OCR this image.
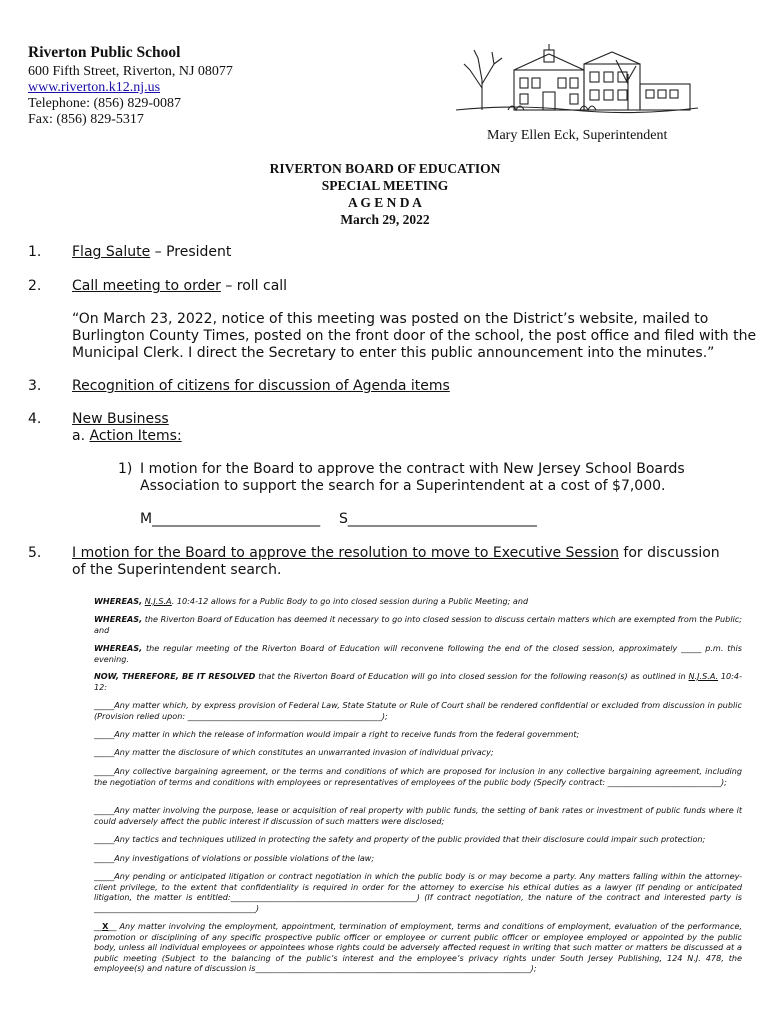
Riverton Public School
600 Fifth Street, Riverton, NJ 08077
www.riverton.k12.nj.us
Telephone: (856) 829-0087
Fax: (856) 829-5317
Mary Ellen Eck, Superintendent
RIVERTON BOARD OF EDUCATION
SPECIAL MEETING
A G E N D A
March 29, 2022
1. Flag Salute – President
2. Call meeting to order – roll call
“On March 23, 2022, notice of this meeting was posted on the District’s website, mailed to
Burlington County Times, posted on the front door of the school, the post office and filed with the
Municipal Clerk. I direct the Secretary to enter this public announcement into the minutes.”
3. Recognition of citizens for discussion of Agenda items
4. New Business
a. Action Items:
1) I motion for the Board to approve the contract with New Jersey School Boards
Association to support the search for a Superintendent at a cost of $7,000.
M________________________ S___________________________
5. I motion for the Board to approve the resolution to move to Executive Session for discussion
of the Superintendent search.
WHEREAS, N.J.S.A. 10:4-12 allows for a Public Body to go into closed session during a Public Meeting; and
WHEREAS, the Riverton Board of Education has deemed it necessary to go into closed session to discuss certain matters which are exempted from the Public; and
WHEREAS, the regular meeting of the Riverton Board of Education will reconvene following the end of the closed session, approximately _____ p.m. this evening.
NOW, THEREFORE, BE IT RESOLVED that the Riverton Board of Education will go into closed session for the following reason(s) as outlined in N.J.S.A. 10:4-12:
_____Any matter which, by express provision of Federal Law, State Statute or Rule of Court shall be rendered confidential or excluded from discussion in public (Provision relied upon: ________________________________________________);
_____Any matter in which the release of information would impair a right to receive funds from the federal government;
_____Any matter the disclosure of which constitutes an unwarranted invasion of individual privacy;
_____Any collective bargaining agreement, or the terms and conditions of which are proposed for inclusion in any collective bargaining agreement, including the negotiation of terms and conditions with employees or representatives of employees of the public body (Specify contract: ____________________________);
_____Any matter involving the purpose, lease or acquisition of real property with public funds, the setting of bank rates or investment of public funds where it could adversely affect the public interest if discussion of such matters were disclosed;
_____Any tactics and techniques utilized in protecting the safety and property of the public provided that their disclosure could impair such protection;
_____Any investigations of violations or possible violations of the law;
_____Any pending or anticipated litigation or contract negotiation in which the public body is or may become a party. Any matters falling within the attorney-client privilege, to the extent that confidentiality is required in order for the attorney to exercise his ethical duties as a lawyer (If pending or anticipated litigation, the matter is entitled:______________________________________________) (If contract negotiation, the nature of the contract and interested party is ________________________________________)
__X__ Any matter involving the employment, appointment, termination of employment, terms and conditions of employment, evaluation of the performance, promotion or disciplining of any specific prospective public officer or employee or current public officer or employee employed or appointed by the public body, unless all individual employees or appointees whose rights could be adversely affected request in writing that such matter or matters be discussed at a public meeting (Subject to the balancing of the public’s interest and the employee’s privacy rights under South Jersey Publishing, 124 N.J. 478, the employee(s) and nature of discussion is____________________________________________________________________);
